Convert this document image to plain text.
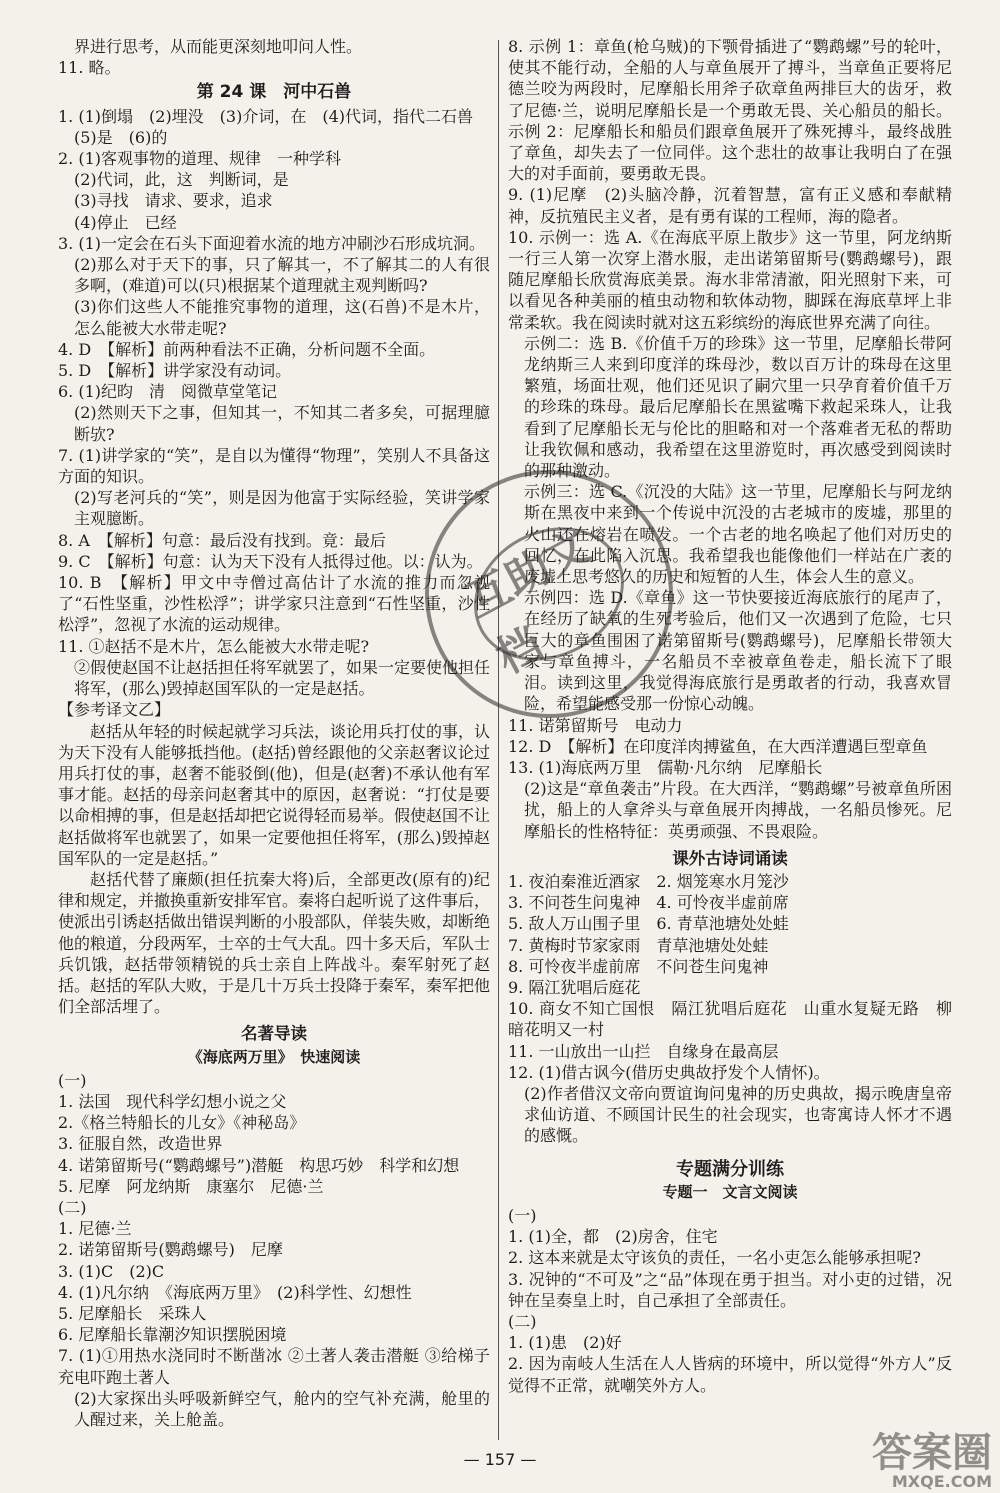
界进行思考，从而能更深刻地叩问人性。

11. 略。

第 24 课　河中石兽

1. (1)倒塌　(2)埋没　(3)介词，在　(4)代词，指代二石兽

(5)是　(6)的

2. (1)客观事物的道理、规律　一种学科

(2)代词，此，这　判断词，是

(3)寻找　请求、要求，追求

(4)停止　已经

3. (1)一定会在石头下面迎着水流的地方冲刷沙石形成坑洞。

(2)那么对于天下的事，只了解其一，不了解其二的人有很多啊，(难道)可以(只)根据某个道理就主观判断吗?

(3)你们这些人不能推究事物的道理，这(石兽)不是木片，怎么能被大水带走呢?

4. D　【解析】前两种看法不正确，分析问题不全面。

5. D　【解析】讲学家没有动词。

6. (1)纪昀　清　阅微草堂笔记

(2)然则天下之事，但知其一，不知其二者多矣，可据理臆断欤?

7. (1)讲学家的“笑”，是自以为懂得“物理”，笑别人不具备这方面的知识。

(2)写老河兵的“笑”，则是因为他富于实际经验，笑讲学家主观臆断。

8. A　【解析】句意：最后没有找到。竟：最后

9. C　【解析】句意：认为天下没有人抵得过他。以：认为。

10. B　【解析】甲文中寺僧过高估计了水流的推力而忽视了“石性坚重，沙性松浮”；讲学家只注意到“石性坚重，沙性松浮”，忽视了水流的运动规律。

11. ①赵括不是木片，怎么能被大水带走呢?

②假使赵国不让赵括担任将军就罢了，如果一定要使他担任将军，(那么)毁掉赵国军队的一定是赵括。

【参考译文乙】

赵括从年轻的时候起就学习兵法，谈论用兵打仗的事，认为天下没有人能够抵挡他。(赵括)曾经跟他的父亲赵奢议论过用兵打仗的事，赵奢不能驳倒(他)，但是(赵奢)不承认他有军事才能。赵括的母亲问赵奢其中的原因，赵奢说：“打仗是要以命相搏的事，但是赵括却把它说得轻而易举。假使赵国不让赵括做将军也就罢了，如果一定要他担任将军，(那么)毁掉赵国军队的一定是赵括。”

赵括代替了廉颇(担任抗秦大将)后，全部更改(原有的)纪律和规定，并撤换重新安排军官。秦将白起听说了这件事后，使派出引诱赵括做出错误判断的小股部队，佯装失败，却断绝他的粮道，分段两军，士卒的士气大乱。四十多天后，军队士兵饥饿，赵括带领精锐的兵士亲自上阵战斗。秦军射死了赵括。赵括的军队大败，于是几十万兵士投降于秦军，秦军把他们全部活埋了。

名著导读
《海底两万里》　快速阅读

(一)

1. 法国　现代科学幻想小说之父

2.《格兰特船长的儿女》《神秘岛》

3. 征服自然，改造世界

4. 诺第留斯号(“鹦鹉螺号”)潜艇　构思巧妙　科学和幻想

5. 尼摩　阿龙纳斯　康塞尔　尼德·兰

(二)

1. 尼德·兰

2. 诺第留斯号(鹦鹉螺号)　尼摩

3. (1)C　(2)C

4. (1)凡尔纳　《海底两万里》　(2)科学性、幻想性

5. 尼摩船长　采珠人

6. 尼摩船长靠潮汐知识摆脱困境

7. (1)①用热水浇同时不断凿冰 ②土著人袭击潜艇 ③给梯子充电吓跑土著人

(2)大家探出头呼吸新鲜空气，舱内的空气补充满，舱里的人醒过来，关上舱盖。

8. 示例 1：章鱼(枪乌贼)的下颚骨插进了“鹦鹉螺”号的轮叶，使其不能行动，全船的人与章鱼展开了搏斗，当章鱼正要将尼德兰咬为两段时，尼摩船长用斧子砍章鱼两排巨大的齿牙，救了尼德·兰，说明尼摩船长是一个勇敢无畏、关心船员的船长。示例 2：尼摩船长和船员们跟章鱼展开了殊死搏斗，最终战胜了章鱼，却失去了一位同伴。这个悲壮的故事让我明白了在强大的对手面前，要勇敢无畏。

9. (1)尼摩　(2)头脑冷静，沉着智慧，富有正义感和奉献精神，反抗殖民主义者，是有勇有谋的工程师，海的隐者。

10. 示例一：选 A.《在海底平原上散步》这一节里，阿龙纳斯一行三人第一次穿上潜水服，走出诺第留斯号(鹦鹉螺号)，跟随尼摩船长欣赏海底美景。海水非常清澈，阳光照射下来，可以看见各种美丽的植虫动物和软体动物，脚踩在海底草坪上非常柔软。我在阅读时就对这五彩缤纷的海底世界充满了向往。

示例二：选 B.《价值千万的珍珠》这一节里，尼摩船长带阿龙纳斯三人来到印度洋的珠母沙，数以百万计的珠母在这里繁殖，场面壮观，他们还见识了嗣穴里一只孕育着价值千万的珍珠的珠母。最后尼摩船长在黑鲨嘴下救起采珠人，让我看到了尼摩船长无与伦比的胆略和对一个落难者无私的帮助让我钦佩和感动，我希望在这里游览时，再次感受到阅读时的那种激动。

示例三：选 C.《沉没的大陆》这一节里，尼摩船长与阿龙纳斯在黑夜中来到一个传说中沉没的古老城市的废墟，那里的火山还在熔岩在喷发。一个古老的地名唤起了他们对历史的回忆，在此陷入沉思。我希望我也能像他们一样站在广袤的废墟上思考悠久的历史和短暂的人生，体会人生的意义。

示例四：选 D.《章鱼》这一节快要接近海底旅行的尾声了，在经历了缺氧的生死考验后，他们又一次遇到了危险，七只巨大的章鱼围困了诺第留斯号(鹦鹉螺号)，尼摩船长带领大家与章鱼搏斗，一名船员不幸被章鱼卷走，船长流下了眼泪。读到这里，我觉得海底旅行是勇敢者的行动，我喜欢冒险，希望能感受那一份惊心动魄。

11. 诺第留斯号　电动力

12. D　【解析】在印度洋肉搏鲨鱼，在大西洋遭遇巨型章鱼

13. (1)海底两万里　儒勒·凡尔纳　尼摩船长

(2)这是“章鱼袭击”片段。在大西洋，“鹦鹉螺”号被章鱼所困扰，船上的人拿斧头与章鱼展开肉搏战，一名船员惨死。尼摩船长的性格特征：英勇顽强、不畏艰险。

课外古诗词诵读

1. 夜泊秦淮近酒家　2. 烟笼寒水月笼沙

3. 不问苍生问鬼神　4. 可怜夜半虚前席

5. 敌人万山围子里　6. 青草池塘处处蛙

7. 黄梅时节家家雨　青草池塘处处蛙

8. 可怜夜半虚前席　不问苍生问鬼神

9. 隔江犹唱后庭花

10. 商女不知亡国恨　隔江犹唱后庭花　山重水复疑无路　柳暗花明又一村

11. 一山放出一山拦　自缘身在最高层

12. (1)借古讽今(借历史典故抒发个人情怀)。

(2)作者借汉文帝向贾谊询问鬼神的历史典故，揭示晚唐皇帝求仙访道、不顾国计民生的社会现实，也寄寓诗人怀才不遇的感慨。

专题满分训练
专题一　文言文阅读

(一)

1. (1)全，都　(2)房舍，住宅

2. 这本来就是太守该负的责任，一名小吏怎么能够承担呢?

3. 况钟的“不可及”之“品”体现在勇于担当。对小吏的过错，况钟在呈奏皇上时，自己承担了全部责任。

(二)

1. (1)患　(2)好

2. 因为南岐人生活在人人皆病的环境中，所以觉得“外方人”反觉得不正常，就嘲笑外方人。

互助文档
— 157 —	答案圈
MXQE.COM
